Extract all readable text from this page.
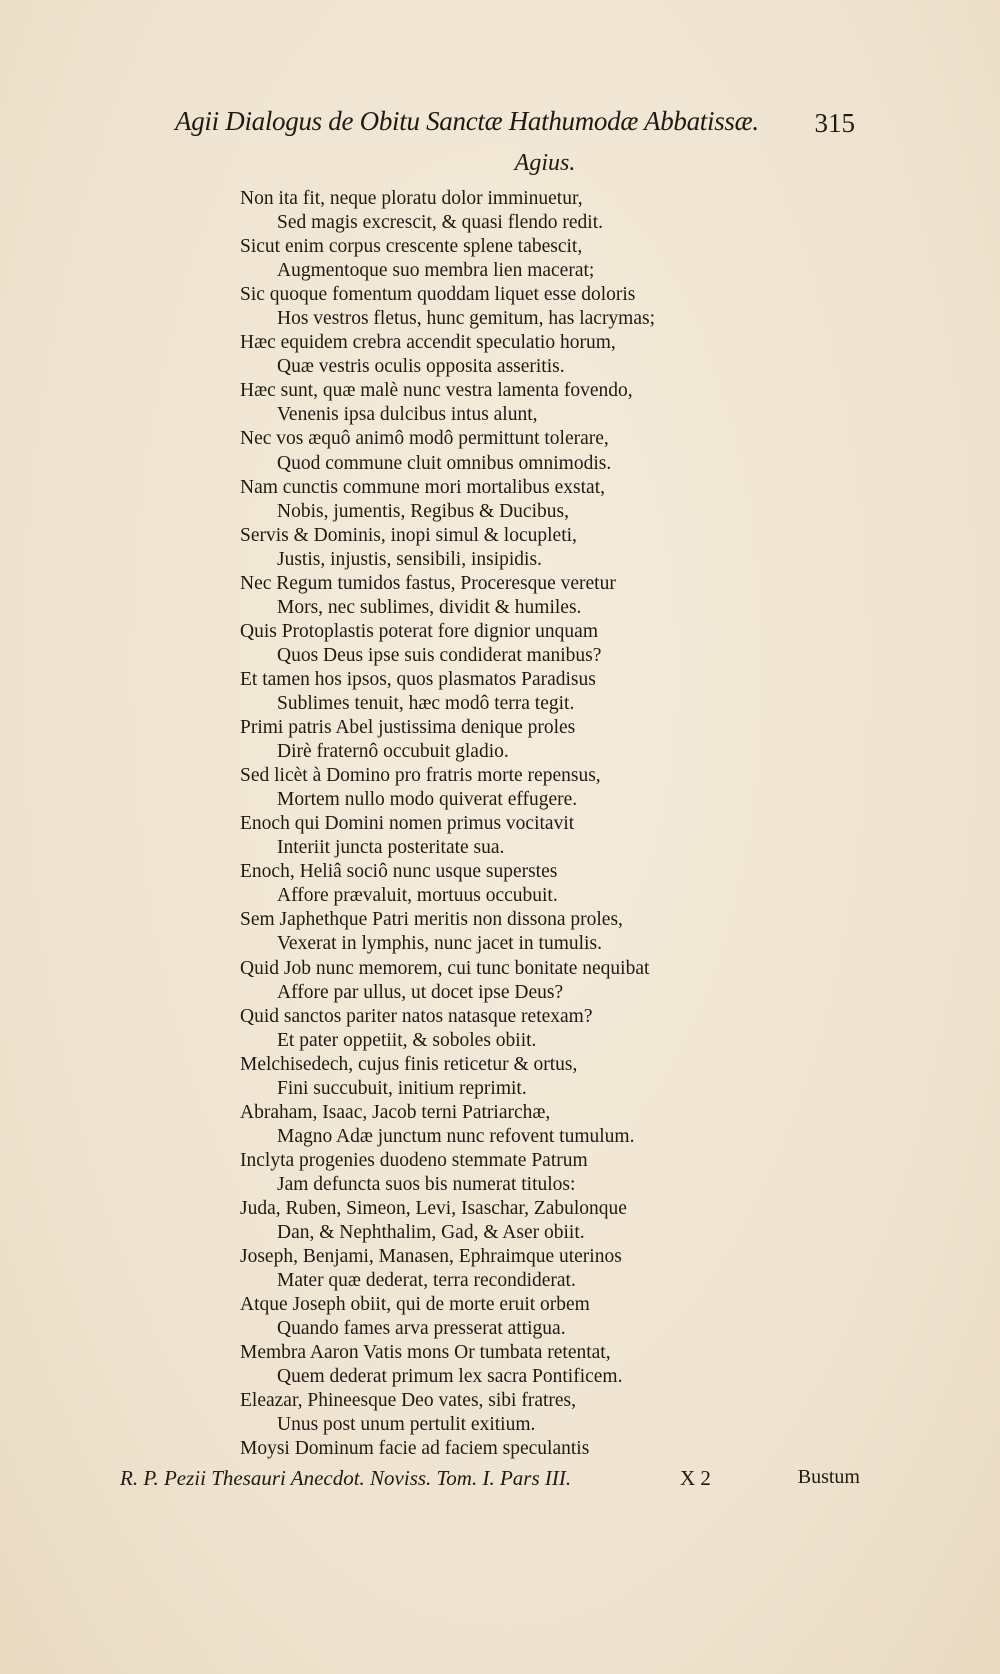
Agii Dialogus de Obitu Sanctæ Hathumodæ Abbatissæ. 315
Agius.
Non ita fit, neque ploratu dolor imminuetur,
Sed magis excrescit, & quasi flendo redit.
Sicut enim corpus crescente splene tabescit,
Augmentoque suo membra lien macerat;
Sic quoque fomentum quoddam liquet esse doloris
Hos vestros fletus, hunc gemitum, has lacrymas;
Hæc equidem crebra accendit speculatio horum,
Quæ vestris oculis opposita asseritis.
Hæc sunt, quæ malè nunc vestra lamenta fovendo,
Venenis ipsa dulcibus intus alunt,
Nec vos æquô animô modô permittunt tolerare,
Quod commune cluit omnibus omnimodis.
Nam cunctis commune mori mortalibus exstat,
Nobis, jumentis, Regibus & Ducibus,
Servis & Dominis, inopi simul & locupleti,
Justis, injustis, sensibili, insipidis.
Nec Regum tumidos fastus, Proceresque veretur
Mors, nec sublimes, dividit & humiles.
Quis Protoplastis poterat fore dignior unquam
Quos Deus ipse suis condiderat manibus?
Et tamen hos ipsos, quos plasmatos Paradisus
Sublimes tenuit, hæc modô terra tegit.
Primi patris Abel justissima denique proles
Dirè fraternô occubuit gladio.
Sed licèt à Domino pro fratris morte repensus,
Mortem nullo modo quiverat effugere.
Enoch qui Domini nomen primus vocitavit
Interiit juncta posteritate sua.
Enoch, Heliâ sociô nunc usque superstes
Affore prævaluit, mortuus occubuit.
Sem Japhethque Patri meritis non dissona proles,
Vexerat in lymphis, nunc jacet in tumulis.
Quid Job nunc memorem, cui tunc bonitate nequibat
Affore par ullus, ut docet ipse Deus?
Quid sanctos pariter natos natasque retexam?
Et pater oppetiit, & soboles obiit.
Melchisedech, cujus finis reticetur & ortus,
Fini succubuit, initium reprimit.
Abraham, Isaac, Jacob terni Patriarchæ,
Magno Adæ junctum nunc refovent tumulum.
Inclyta progenies duodeno stemmate Patrum
Jam defuncta suos bis numerat titulos:
Juda, Ruben, Simeon, Levi, Isaschar, Zabulonque
Dan, & Nephthalim, Gad, & Aser obiit.
Joseph, Benjami, Manasen, Ephraimque uterinos
Mater quæ dederat, terra recondiderat.
Atque Joseph obiit, qui de morte eruit orbem
Quando fames arva presserat attigua.
Membra Aaron Vatis mons Or tumbata retentat,
Quem dederat primum lex sacra Pontificem.
Eleazar, Phineesque Deo vates, sibi fratres,
Unus post unum pertulit exitium.
Moysi Dominum facie ad faciem speculantis
R. P. Pezii Thesauri Anecdot. Noviss. Tom. I. Pars III.	X 2	Bustum
